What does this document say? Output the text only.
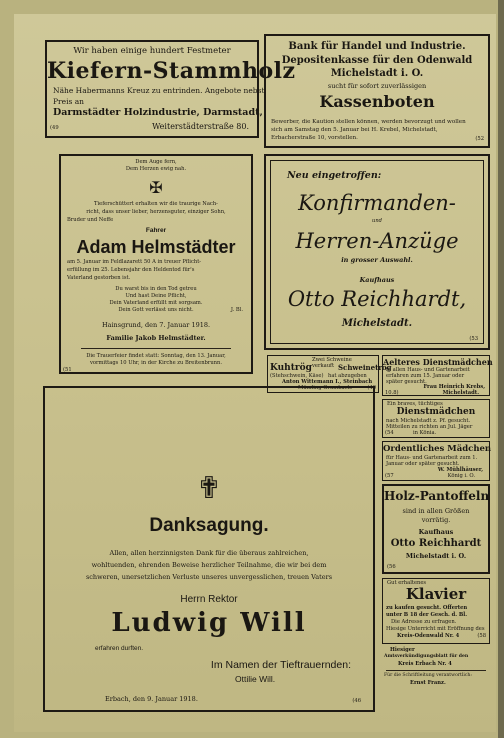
Wir haben einige hundert Festmeter
Kiefern-Stammholz
Nähe Habermanns Kreuz zu entrinden. Angebote nebst
Preis an
Darmstädter Holzindustrie, Darmstadt,
Weiterstädterstraße 80.
(49
Bank für Handel und Industrie.
Depositenkasse für den Odenwald
Michelstadt i. O.
sucht für sofort zuverlässigen
Kassenboten
Bewerber, die Kaution stellen können, werden bevorzugt und wollen
sich am Samstag den 5. Januar bei H. Krebel, Michelstadt,
Erbacherstraße 10, vorstellen.	(52
Dem Auge fern,
Dem Herzen ewig nah.
✠
Tieferschüttert erhalten wir die traurige Nach-
richt, dass unser lieber, herzensguter, einziger Sohn,
Bruder und Neffe
Fahrer
Adam Helmstädter
am 5. Januar im Feldlazarett 50 A in treuer Pflicht-
erfüllung im 25. Lebensjahr den Heldentod für's
Vaterland gestorben ist.
Du warst bis in den Tod getreu
Und hast Deine Pflicht,
Dein Vaterland erfüllt mit sorgsam.
Dein Gott verlässt uns nicht.	J. Bl.
Hainsgrund, den 7. Januar 1918.
Familie Jakob Helmstädter.
Die Trauerfeier findet statt: Sonntag, den 13. Januar,
vormittags 10 Uhr, in der Kirche zu Breitenbrunn.
(51
Neu eingetroffen:
Konfirmanden-
und
Herren-Anzüge
in grosser Auswahl.
Kaufhaus
Otto Reichhardt,
Michelstadt.
(53
Zwei Schweine
Kuhtrög verkauft Schweinetrög
(Stehschwein, Käse) hat abzugeben
Anton Wittemann I., Steinbach
Mümling-Grumbach.	(40
Aelteres Dienstmädchen
in allen Haus- und Gartenarbeit
erfahren zum 15. Januar oder
später gesucht.
Frau Heinrich Krebs,
Michelstadt.
10.8)
Ein braves, tüchtiges
Dienstmädchen
nach Michelstadt z. Pf. gesucht.
Mitteilen zu richten an Jul. Jäger
in Könia.
(54
Ordentliches Mädchen
für Haus- und Gartenarbeit zum 1.
Januar oder später gesucht.
W. Mühlhäuser,
König i. O.
(57
Holz-Pantoffeln
sind in allen Größen
vorrätig.
Kaufhaus
Otto Reichhardt
Michelstadt i. O.
(56
Gut erhaltenes
Klavier
zu kaufen gesucht. Offerten
unter B 18 der Gesch. d. Bl.
Die Adresse zu erfragen.
Hiesige Unterricht mit Eröffnung des
Kreis-Odenwald Nr. 4	(58
Hiesiger
Amtsverkündigungsblatt für den
Kreis Erbach Nr. 4
Für die Schriftleitung verantwortlich:
Ernst Franz.
✟
Danksagung.
Allen, allen herzinnigsten Dank für die überaus zahlreichen,
wohltuenden, ehrenden Beweise herzlicher Teilnahme, die wir bei dem
schweren, unersetzlichen Verluste unseres unvergesslichen, treuen Vaters
Herrn Rektor
Ludwig Will
erfahren durften.
Im Namen der Tieftrauernden:
Ottilie Will.
Erbach, den 9. Januar 1918.	(46
